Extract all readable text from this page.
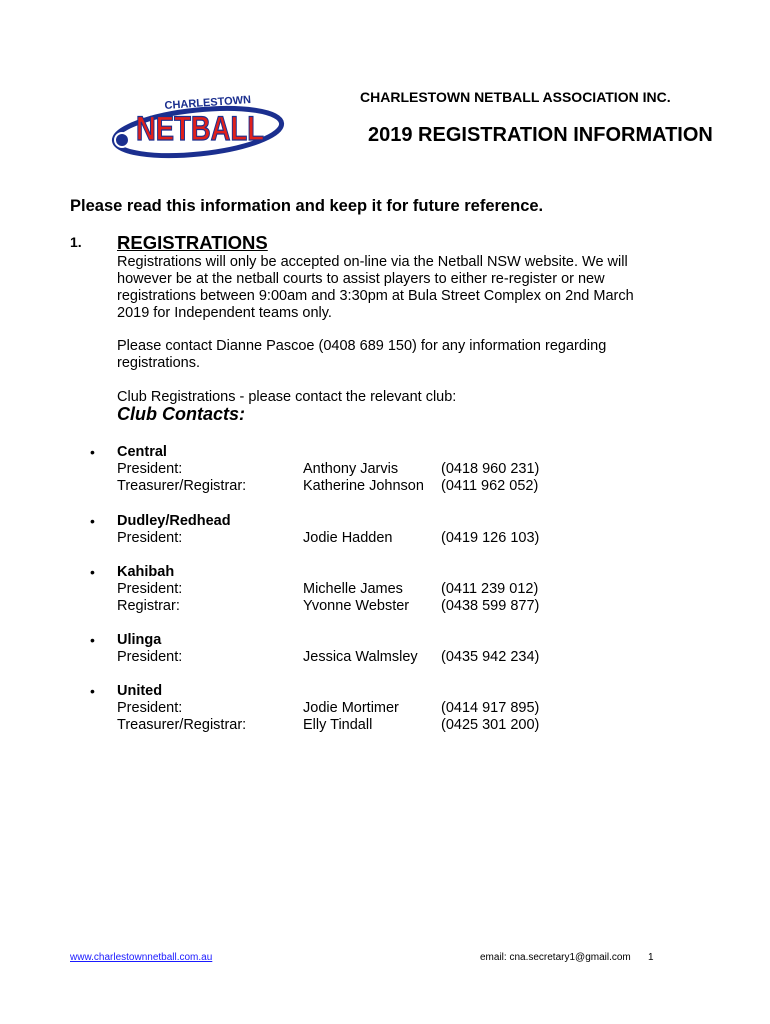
CHARLESTOWN
NETBALL
CHARLESTOWN NETBALL ASSOCIATION INC.
2019 REGISTRATION INFORMATION
Please read this information and keep it for future reference.
1. REGISTRATIONS
Registrations will only be accepted on-line via the Netball NSW website. We will
however be at the netball courts to assist players to either re-register or new
registrations between 9:00am and 3:30pm at Bula Street Complex on 2nd March
2019 for Independent teams only.
Please contact Dianne Pascoe (0408 689 150) for any information regarding
registrations.
Club Registrations - please contact the relevant club:
Club Contacts:
• Central
President:	Anthony Jarvis	(0418 960 231)
Treasurer/Registrar:	Katherine Johnson (0411 962 052)
• Dudley/Redhead
President:	Jodie Hadden	(0419 126 103)
• Kahibah
President:	Michelle James	(0411 239 012)
Registrar:	Yvonne Webster (0438 599 877)
• Ulinga
President:	Jessica Walmsley (0435 942 234)
• United
President:	Jodie Mortimer	(0414 917 895)
Treasurer/Registrar:	Elly Tindall	(0425 301 200)
www.charlestownnetball.com.au	email: cna.secretary1@gmail.com 1
